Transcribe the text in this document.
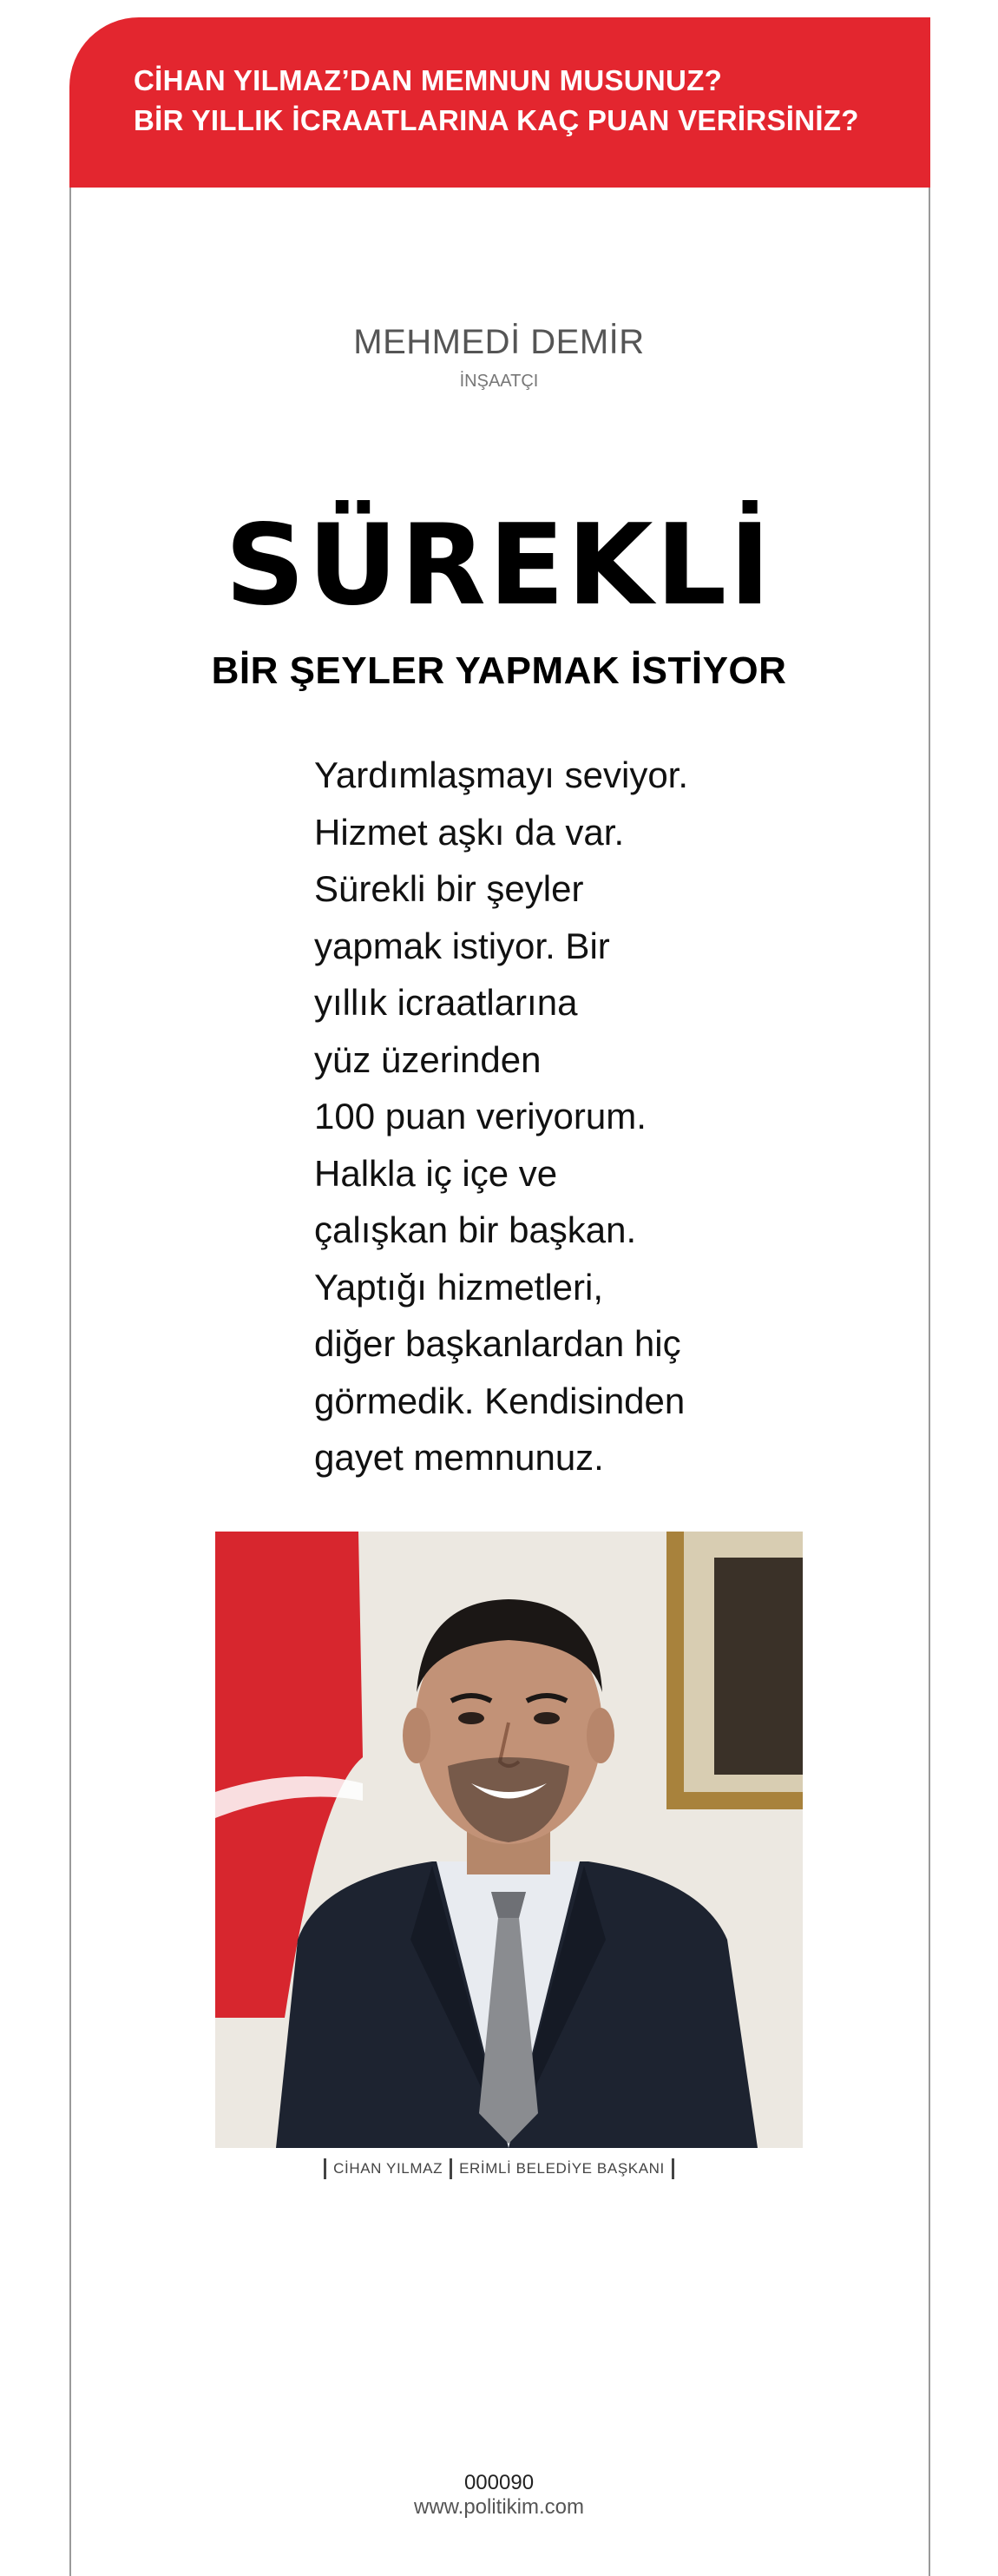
CİHAN YILMAZ’DAN MEMNUN MUSUNUZ?
BİR YILLIK İCRAATLARINA KAÇ PUAN VERİRSİNİZ?
MEHMEDİ DEMİR
İNŞAATÇI
SÜREKLİ
BİR ŞEYLER YAPMAK İSTİYOR
Yardımlaşmayı seviyor.
Hizmet aşkı da var.
Sürekli bir şeyler
yapmak istiyor. Bir
yıllık icraatlarına
yüz üzerinden
100 puan veriyorum.
Halkla iç içe ve
çalışkan bir başkan.
Yaptığı hizmetleri,
diğer başkanlardan hiç
görmedik. Kendisinden
gayet memnunuz.
CİHAN YILMAZ ERİMLİ BELEDİYE BAŞKANI
000090
www.politikim.com
